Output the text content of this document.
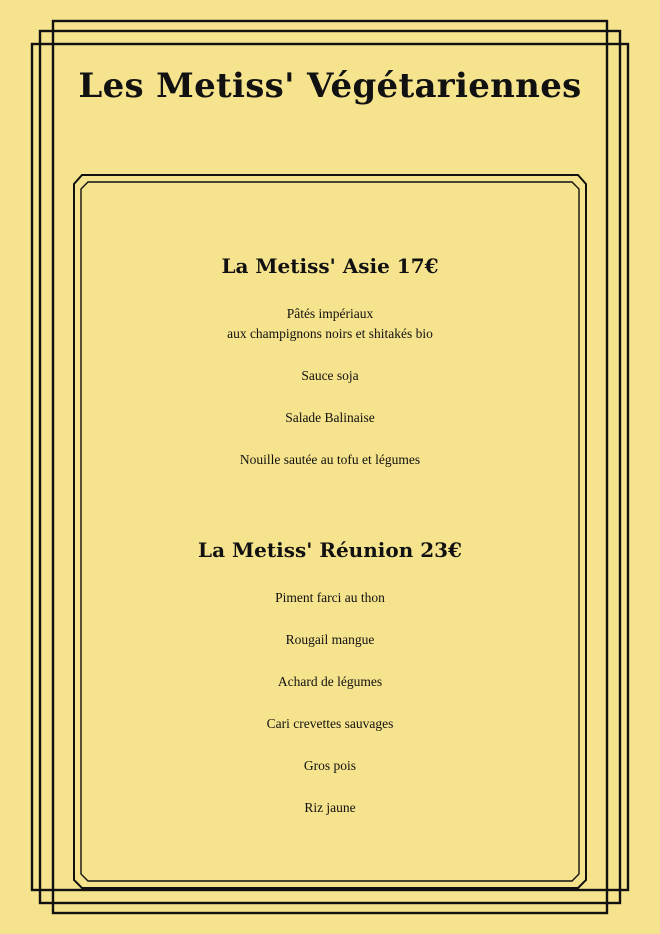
Les Metiss' Végétariennes
La Metiss' Asie 17€
Pâtés impériaux
aux champignons noirs et shitakés bio
Sauce soja
Salade Balinaise
Nouille sautée au tofu et légumes
La Metiss' Réunion 23€
Piment farci au thon
Rougail mangue
Achard de légumes
Cari crevettes sauvages
Gros pois
Riz jaune
